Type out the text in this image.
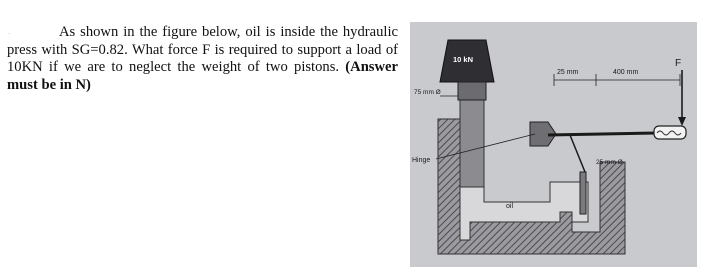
..	As shown in the figure below, oil is inside the hydraulic press with SG=0.82. What force F is required to support a load of 10KN if we are to neglect the weight of two pistons. (Answer must be in N)
F
25 mm	400 mm
10 kN
75 mm Ø
25 mm Ø
Hinge
oil
